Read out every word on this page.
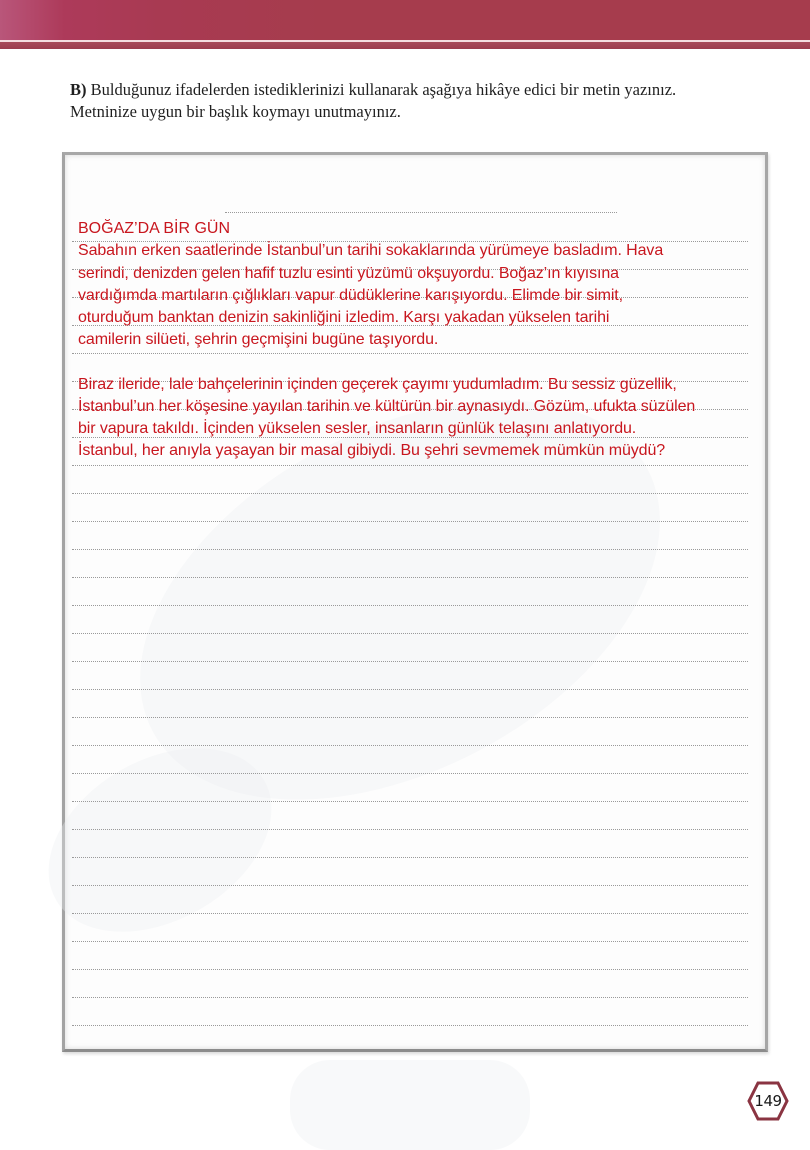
B) Bulduğunuz ifadelerden istediklerinizi kullanarak aşağıya hikâye edici bir metin yazınız.
Metninize uygun bir başlık koymayı unutmayınız.
BOĞAZ’DA BİR GÜN
Sabahın erken saatlerinde İstanbul’un tarihi sokaklarında yürümeye basladım. Hava
serindi, denizden gelen hafif tuzlu esinti yüzümü okşuyordu. Boğaz’ın kıyısına
vardığımda martıların çığlıkları vapur düdüklerine karışıyordu. Elimde bir simit,
oturduğum banktan denizin sakinliğini izledim. Karşı yakadan yükselen tarihi
camilerin silüeti, şehrin geçmişini bugüne taşıyordu.
Biraz ileride, lale bahçelerinin içinden geçerek çayımı yudumladım. Bu sessiz güzellik,
İstanbul’un her köşesine yayılan tarihin ve kültürün bir aynasıydı. Gözüm, ufukta süzülen
bir vapura takıldı. İçinden yükselen sesler, insanların günlük telaşını anlatıyordu.
İstanbul, her anıyla yaşayan bir masal gibiydi. Bu şehri sevmemek mümkün müydü?
149
